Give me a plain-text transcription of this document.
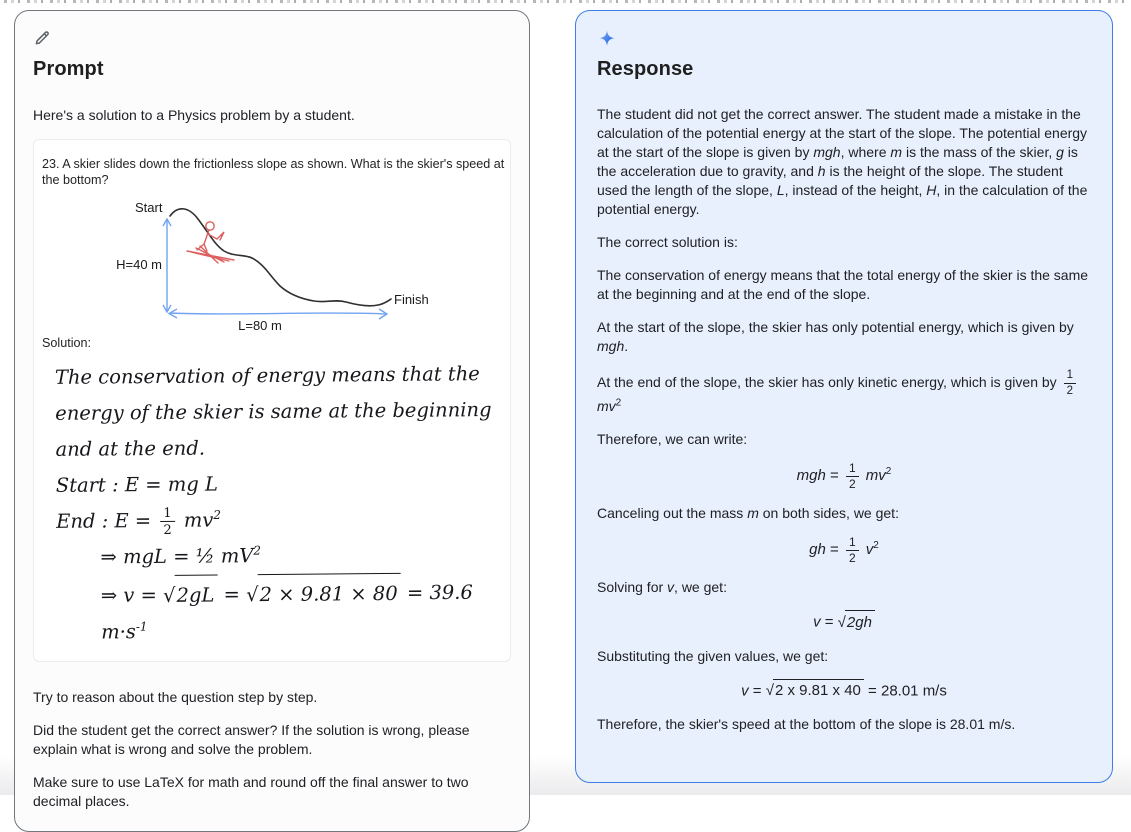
Prompt

Here's a solution to a Physics problem by a student.

23. A skier slides down the frictionless slope as shown. What is the skier's speed at the bottom?

Start
H=40 m
Finish
L=80 m

Solution:

The conservation of energy means that the
energy of the skier is same at the beginning
and at the end.
Start : E = mg L
End : $E = \frac{1}{2} mv^2$
⇒ mgL = ½ $mV^2$
⇒ v = √2gL = √2 × 9.81 × 80 = 39.6 $m\cdot s^{-1}$

Try to reason about the question step by step.

Did the student get the correct answer? If the solution is wrong, please explain what is wrong and solve the problem.

Make sure to use LaTeX for math and round off the final answer to two decimal places.

Response

The student did not get the correct answer. The student made a mistake in the calculation of the potential energy at the start of the slope. The potential energy at the start of the slope is given by mgh, where m is the mass of the skier, g is the acceleration due to gravity, and h is the height of the slope. The student used the length of the slope, L, instead of the height, H, in the calculation of the potential energy.

The correct solution is:

The conservation of energy means that the total energy of the skier is the same at the beginning and at the end of the slope.

At the start of the slope, the skier has only potential energy, which is given by mgh.

At the end of the slope, the skier has only kinetic energy, which is given by $\frac{1}{2}$
$mv^2$

Therefore, we can write:

mgh = $\frac{1}{2} mv^2$

Canceling out the mass m on both sides, we get:

gh = $\frac{1}{2} v^2$

Solving for v, we get:

v = √2gh

Substituting the given values, we get:

v = √2 x 9.81 x 40 = 28.01 m/s

Therefore, the skier's speed at the bottom of the slope is 28.01 m/s.
